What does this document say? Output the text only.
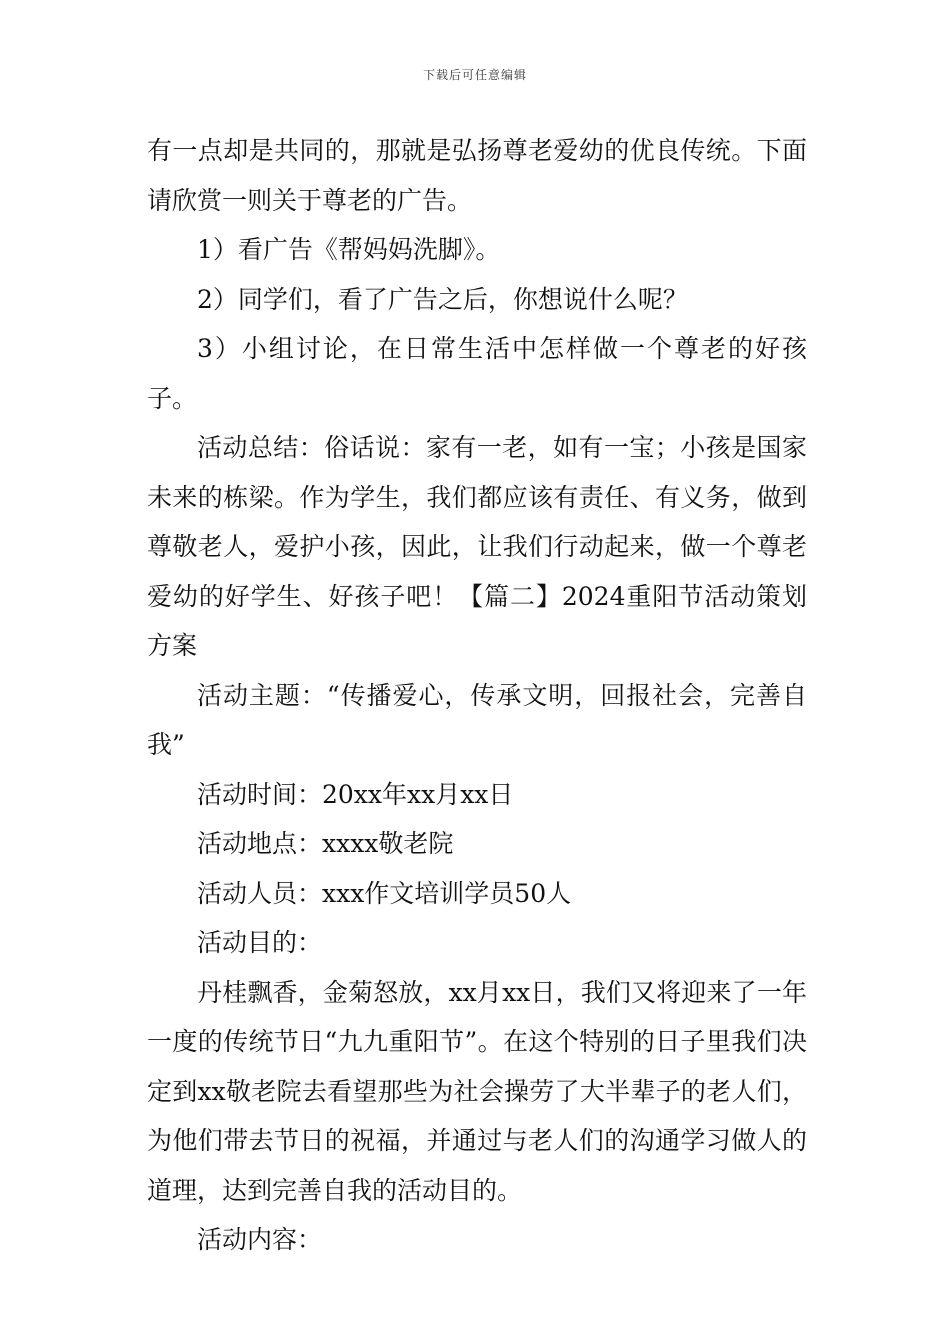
下载后可任意编辑

有一点却是共同的，那就是弘扬尊老爱幼的优良传统。下面请欣赏一则关于尊老的广告。

1）看广告《帮妈妈洗脚》。

2）同学们，看了广告之后，你想说什么呢？

3）小组讨论，在日常生活中怎样做一个尊老的好孩子。

活动总结：俗话说：家有一老，如有一宝；小孩是国家未来的栋梁。作为学生，我们都应该有责任、有义务，做到尊敬老人，爱护小孩，因此，让我们行动起来，做一个尊老爱幼的好学生、好孩子吧！【篇二】2024重阳节活动策划方案

活动主题：“传播爱心，传承文明，回报社会，完善自我”

活动时间：20xx年xx月xx日

活动地点：xxxx敬老院

活动人员：xxx作文培训学员50人

活动目的：

丹桂飘香，金菊怒放，xx月xx日，我们又将迎来了一年一度的传统节日“九九重阳节”。在这个特别的日子里我们决定到xx敬老院去看望那些为社会操劳了大半辈子的老人们，为他们带去节日的祝福，并通过与老人们的沟通学习做人的道理，达到完善自我的活动目的。

活动内容：
